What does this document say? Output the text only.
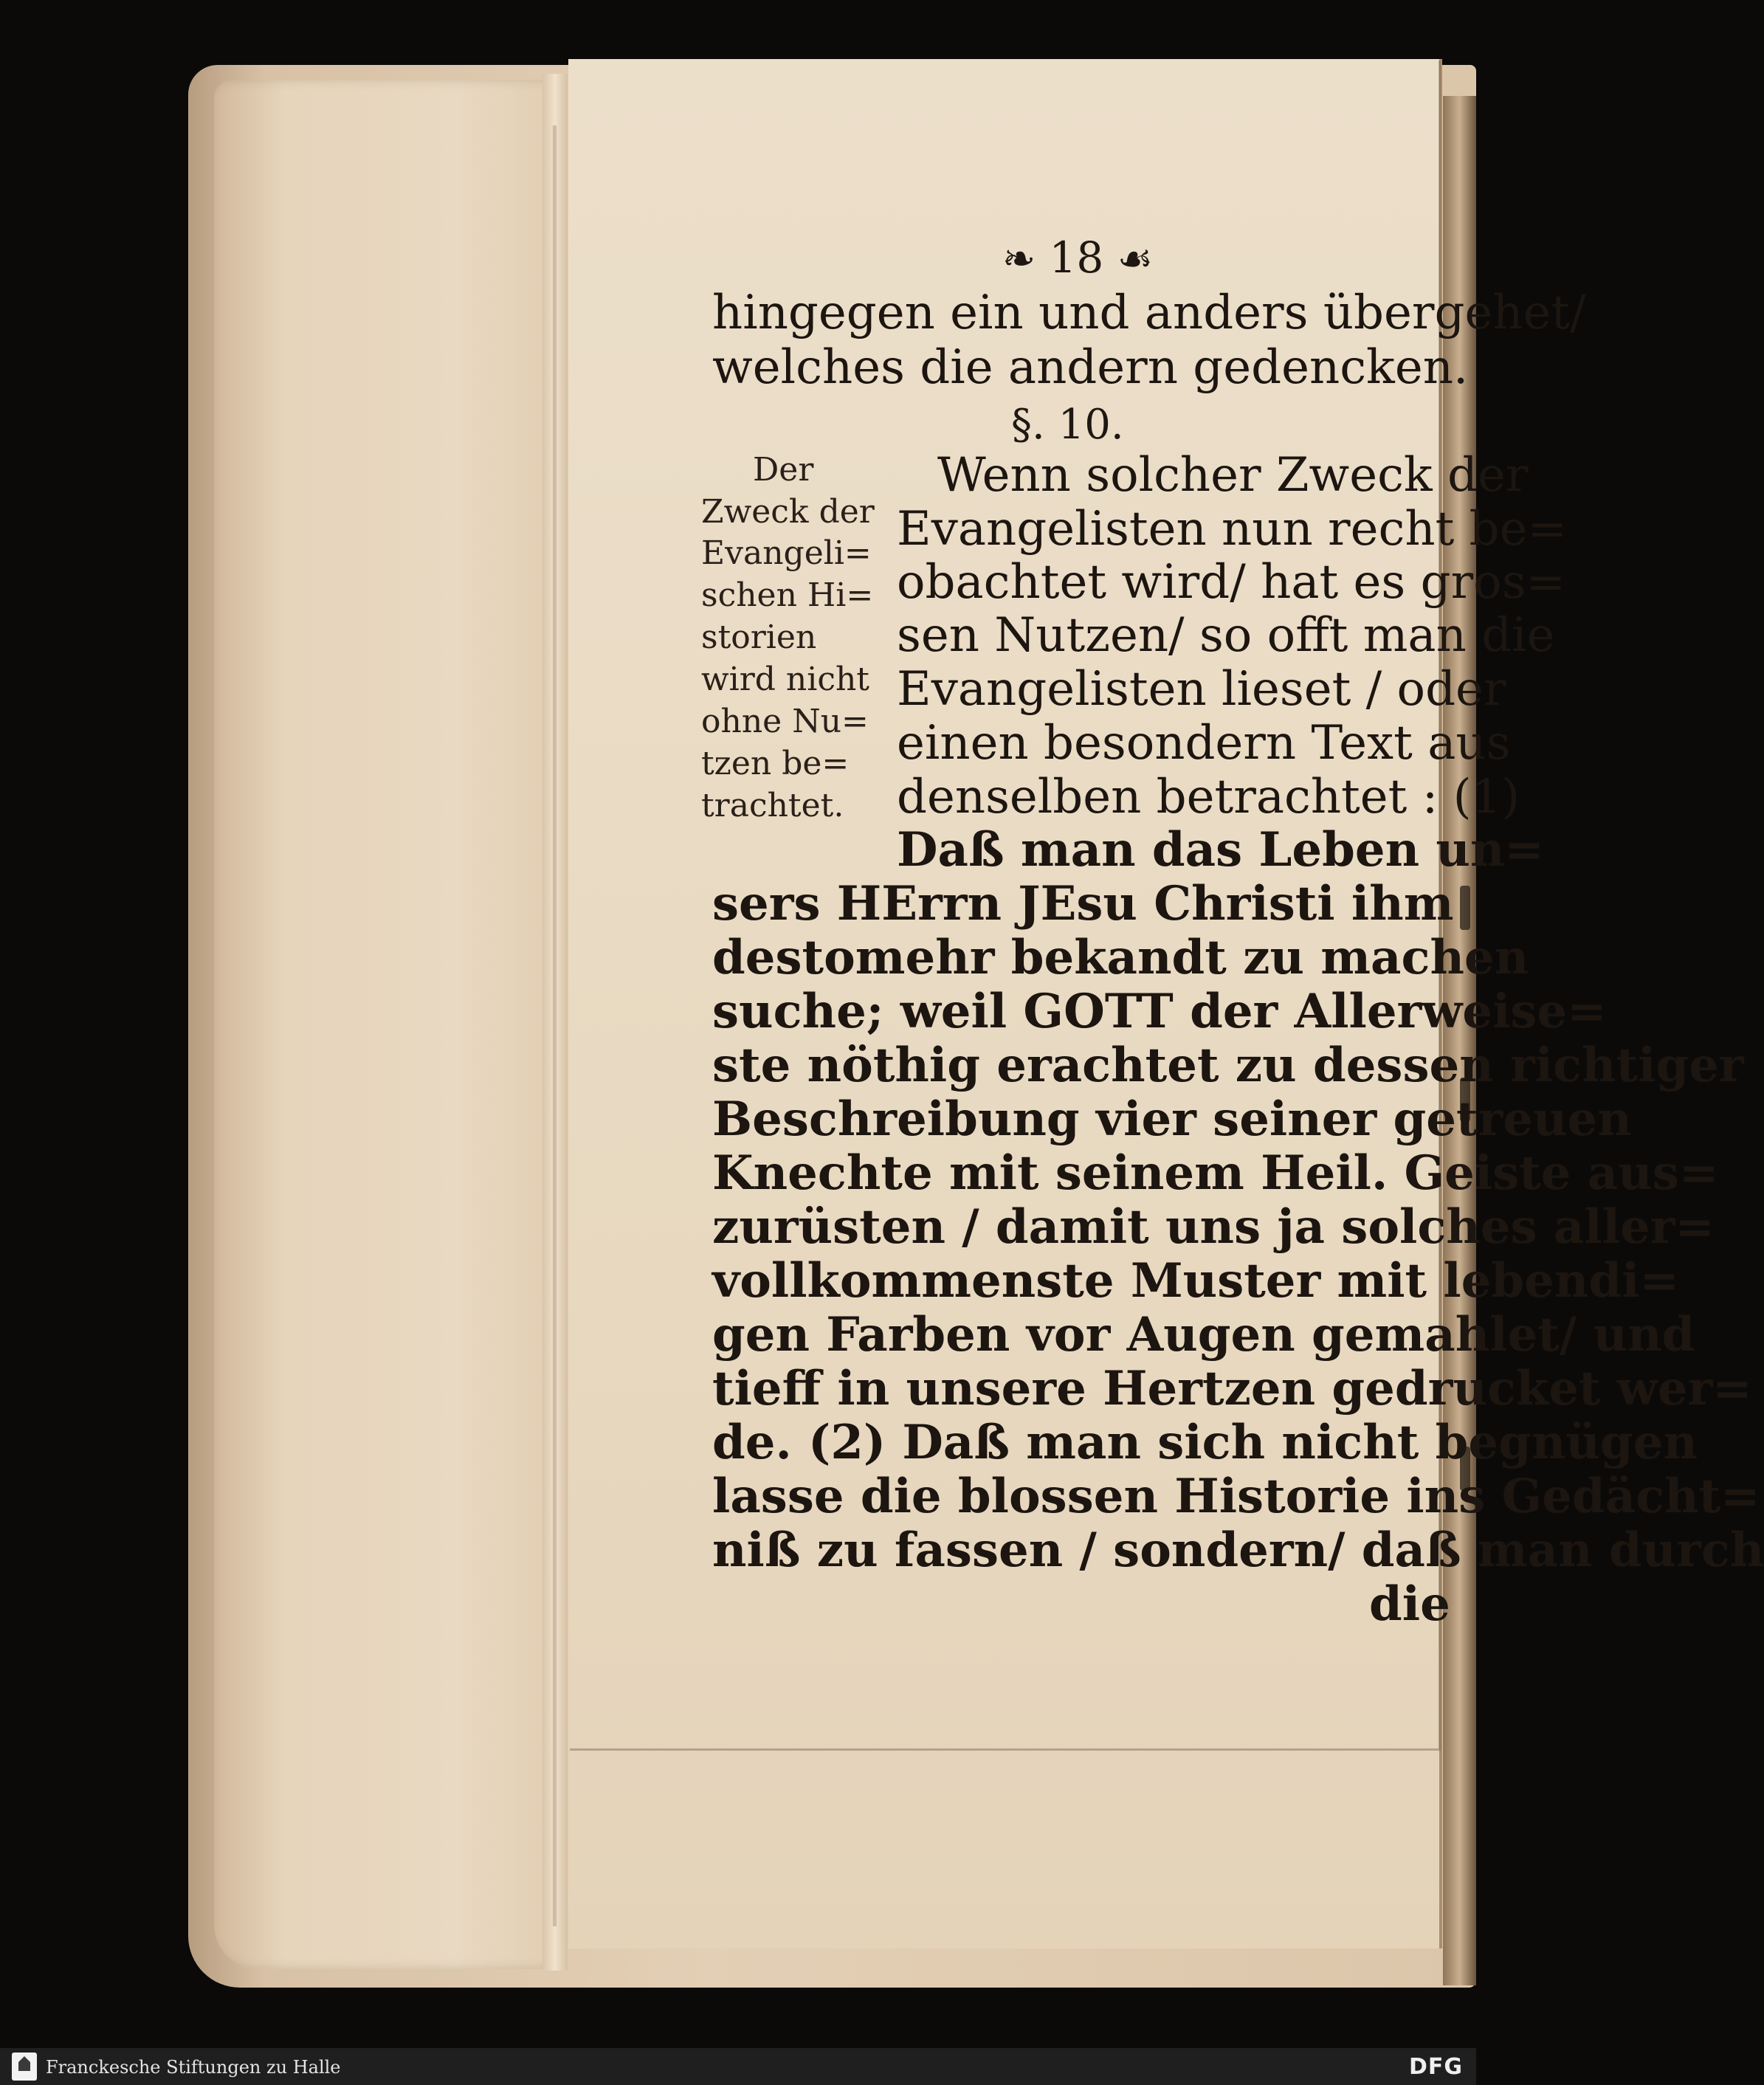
❧ 18 ☙
§. 10.
hingegen ein und anders übergehet/
welches die andern gedencken.
Wenn solcher Zweck der
Evangelisten nun recht be=
obachtet wird/ hat es gros=
sen Nutzen/ so offt man die
Evangelisten lieset / oder
einen besondern Text aus
denselben betrachtet : (1)
Daß man das Leben un=
sers HErrn JEsu Christi ihm
destomehr bekandt zu machen
suche; weil GOTT der Allerweise=
ste nöthig erachtet zu dessen richtiger
Beschreibung vier seiner getreuen
Knechte mit seinem Heil. Geiste aus=
zurüsten / damit uns ja solches aller=
vollkommenste Muster mit lebendi=
gen Farben vor Augen gemahlet/ und
tieff in unsere Hertzen gedrucket wer=
de. (2) Daß man sich nicht begnügen
lasse die blossen Historie ins Gedächt=
niß zu fassen / sondern/ daß man durch
die
Der
Zweck der
Evangeli=
schen Hi=
storien
wird nicht
ohne Nu=
tzen be=
trachtet.
Franckesche Stiftungen zu Halle	DFG
